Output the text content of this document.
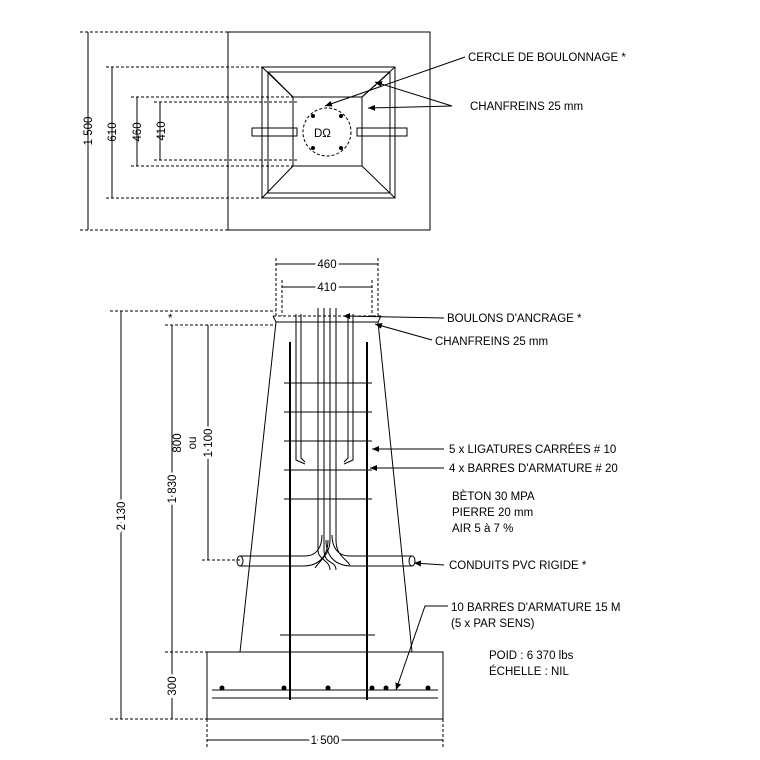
DΩ
1 500 610 460 410
CERCLE DE BOULONNAGE *
CHANFREINS 25 mm
460
410
2 130
*
1 830
800 ou 1 100
300
1 500
BOULONS D'ANCRAGE *
CHANFREINS 25 mm
5 x LIGATURES CARRÉES # 10
4 x BARRES D'ARMATURE # 20
BÈTON 30 MPA
PIERRE 20 mm
AIR 5 à 7 %
CONDUITS PVC RIGIDE *
10 BARRES D'ARMATURE 15 M
(5 x PAR SENS)
POID : 6 370 lbs
ÉCHELLE : NIL
